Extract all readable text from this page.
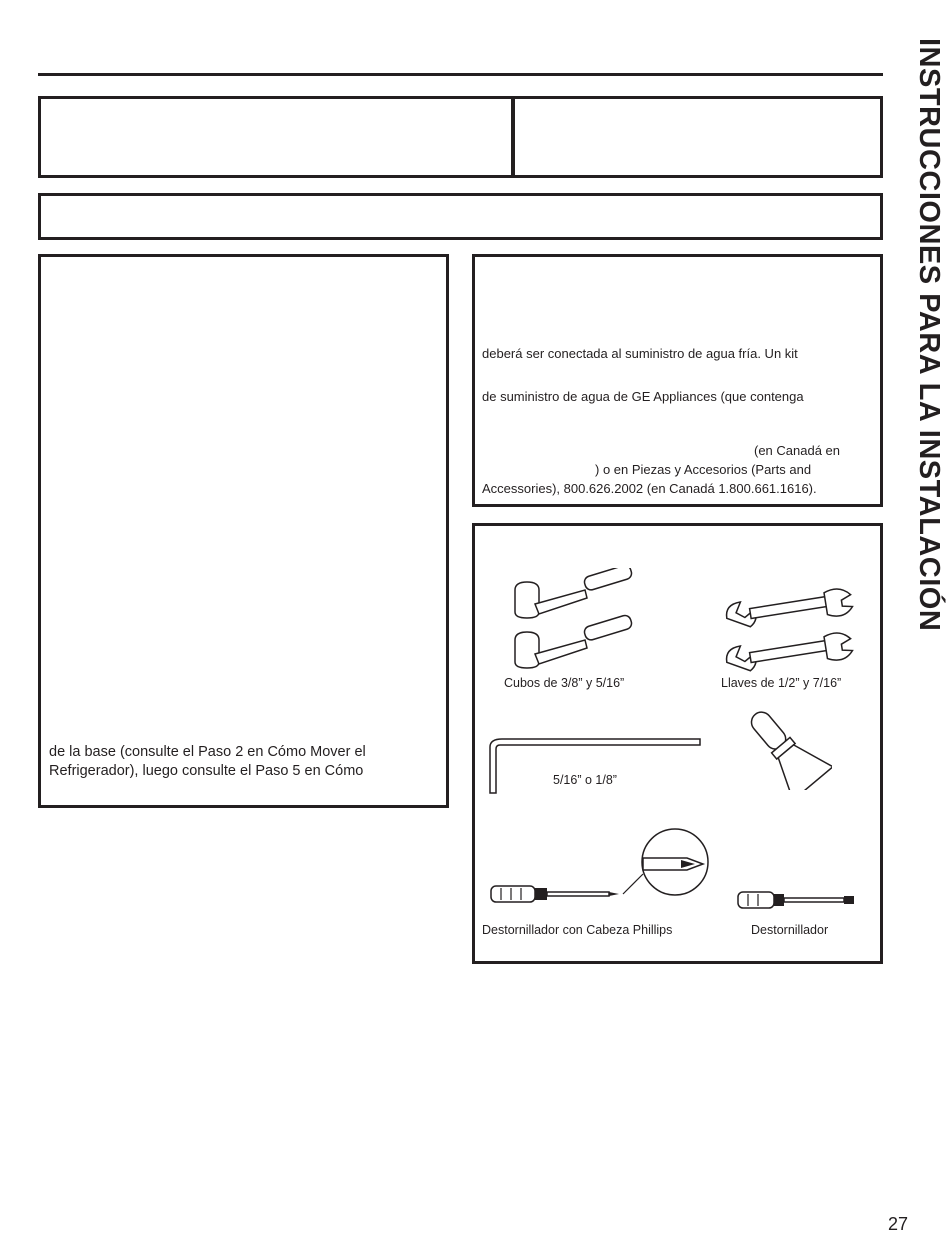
de la base (consulte el Paso 2 en Cómo Mover el
Refrigerador), luego consulte el Paso 5 en Cómo
deberá ser conectada al suministro de agua fría. Un kit
de suministro de agua de GE Appliances (que contenga
(en Canadá en
) o en Piezas y Accesorios (Parts and
Accessories), 800.626.2002 (en Canadá 1.800.661.1616).
Cubos de 3/8” y 5/16”	Llaves de 1/2” y 7/16”
5/16” o 1/8”
Destornillador con Cabeza Phillips	Destornillador
INSTRUCCIONES PARA LA INSTALACIÓN
27
